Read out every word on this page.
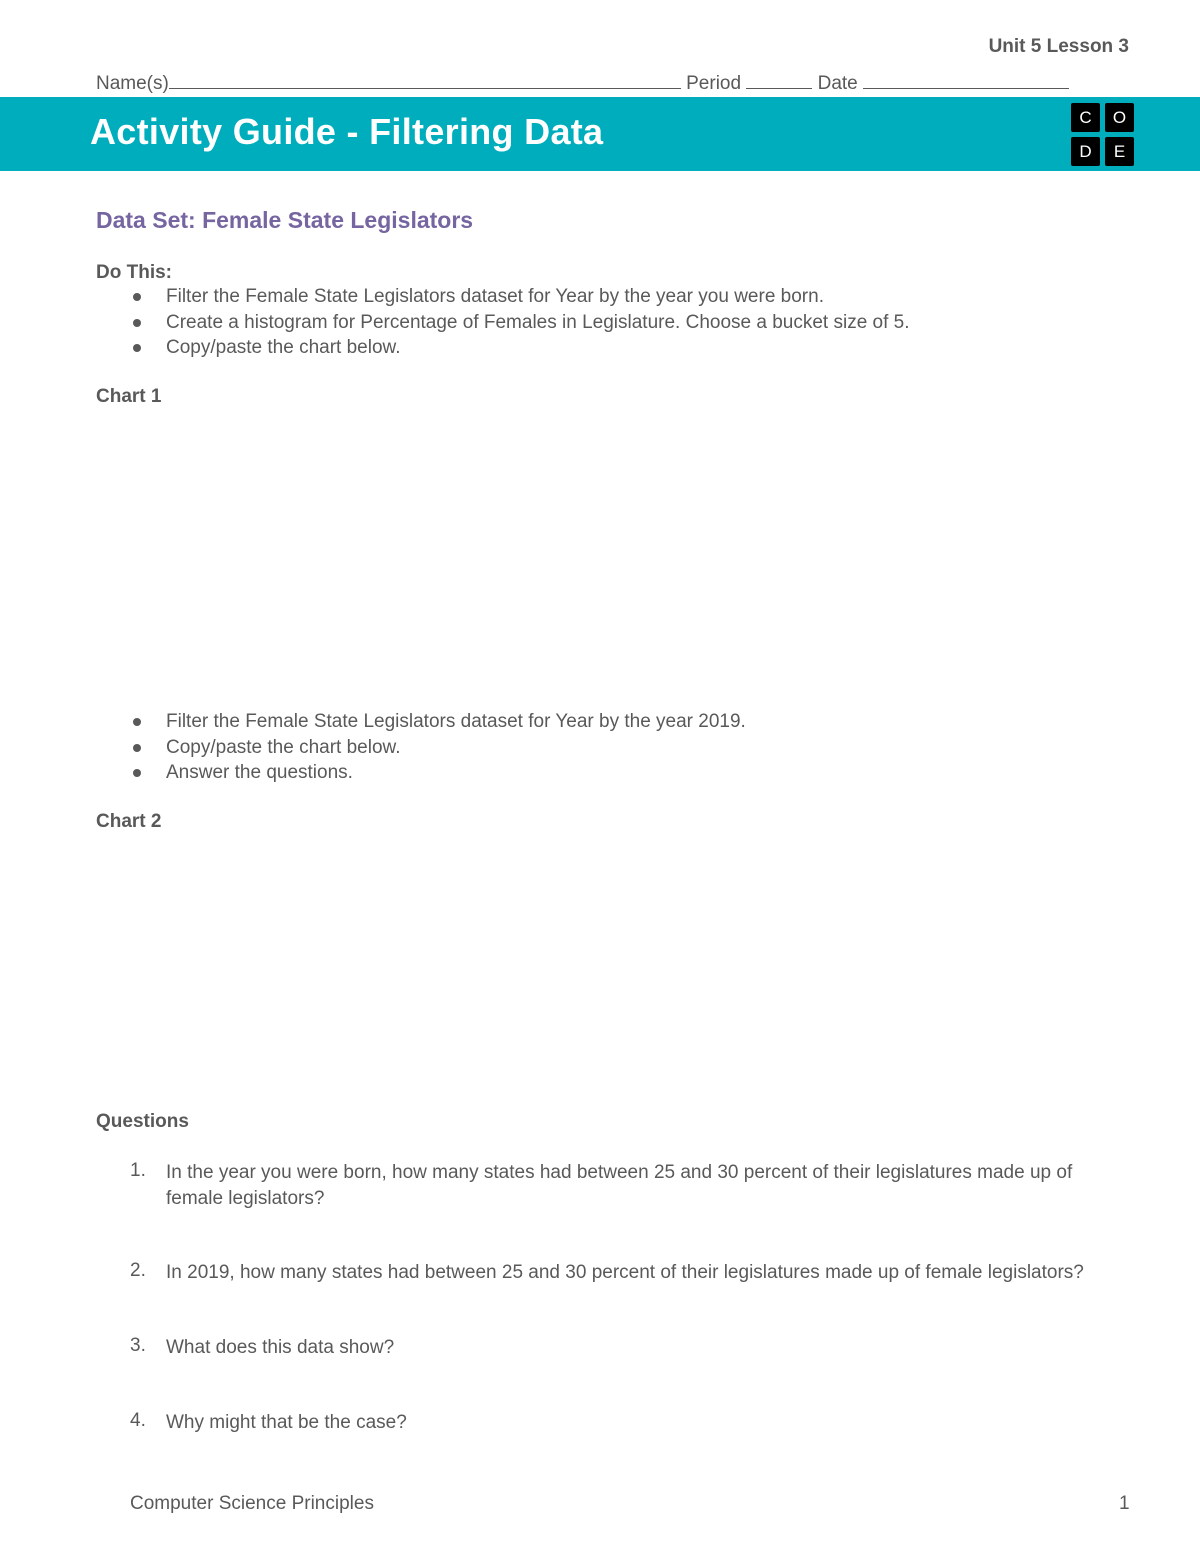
Unit 5 Lesson 3
Name(s)	Period	Date
Activity Guide - Filtering Data	C	O
D	E
Data Set: Female State Legislators
Do This:
Filter the Female State Legislators dataset for Year by the year you were born.
Create a histogram for Percentage of Females in Legislature. Choose a bucket size of 5.
Copy/paste the chart below.
Chart 1
Filter the Female State Legislators dataset for Year by the year 2019.
Copy/paste the chart below.
Answer the questions.
Chart 2
Questions
1. In the year you were born, how many states had between 25 and 30 percent of their legislatures made up of female legislators?
2. In 2019, how many states had between 25 and 30 percent of their legislatures made up of female legislators?
3. What does this data show?
4. Why might that be the case?
Computer Science Principles	1
